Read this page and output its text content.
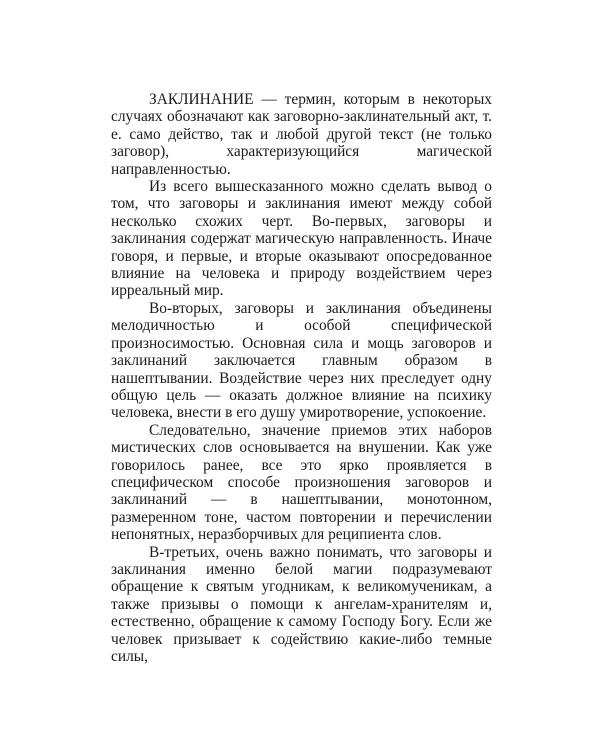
ЗАКЛИНАНИЕ — термин, которым в некоторых случаях обозначают как заговорно-заклинательный акт, т. е. само действо, так и любой другой текст (не только заговор), характеризующийся магической направленностью.

Из всего вышесказанного можно сделать вывод о том, что заговоры и заклинания имеют между собой несколько схожих черт. Во-первых, заговоры и заклинания содержат магическую направленность. Иначе говоря, и первые, и вторые оказывают опосредованное влияние на человека и природу воздействием через ирреальный мир.

Во-вторых, заговоры и заклинания объединены мелодичностью и особой специфической произносимостью. Основная сила и мощь заговоров и заклинаний заключается главным образом в нашептывании. Воздействие через них преследует одну общую цель — оказать должное влияние на психику человека, внести в его душу умиротворение, успокоение.

Следовательно, значение приемов этих наборов мистических слов основывается на внушении. Как уже говорилось ранее, все это ярко проявляется в специфическом способе произношения заговоров и заклинаний — в нашептывании, монотонном, размеренном тоне, частом повторении и перечислении непонятных, неразборчивых для реципиента слов.

В-третьих, очень важно понимать, что заговоры и заклинания именно белой магии подразумевают обращение к святым угодникам, к великомученикам, а также призывы о помощи к ангелам-хранителям и, естественно, обращение к самому Господу Богу. Если же человек призывает к содействию какие-либо темные силы,
